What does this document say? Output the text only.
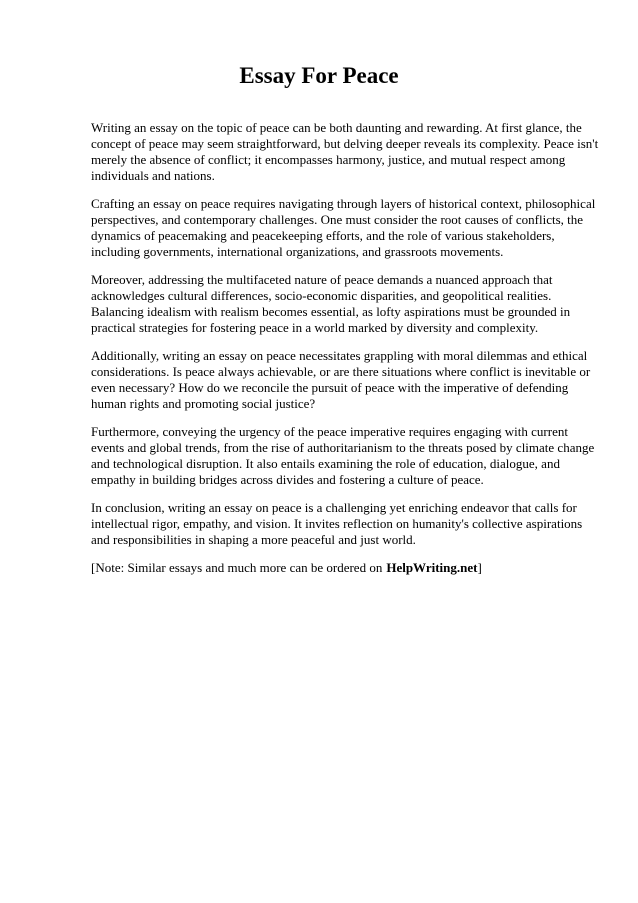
Essay For Peace

Writing an essay on the topic of peace can be both daunting and rewarding. At first glance, the concept of peace may seem straightforward, but delving deeper reveals its complexity. Peace isn't merely the absence of conflict; it encompasses harmony, justice, and mutual respect among individuals and nations.

Crafting an essay on peace requires navigating through layers of historical context, philosophical perspectives, and contemporary challenges. One must consider the root causes of conflicts, the dynamics of peacemaking and peacekeeping efforts, and the role of various stakeholders, including governments, international organizations, and grassroots movements.

Moreover, addressing the multifaceted nature of peace demands a nuanced approach that acknowledges cultural differences, socio-economic disparities, and geopolitical realities. Balancing idealism with realism becomes essential, as lofty aspirations must be grounded in practical strategies for fostering peace in a world marked by diversity and complexity.

Additionally, writing an essay on peace necessitates grappling with moral dilemmas and ethical considerations. Is peace always achievable, or are there situations where conflict is inevitable or even necessary? How do we reconcile the pursuit of peace with the imperative of defending human rights and promoting social justice?

Furthermore, conveying the urgency of the peace imperative requires engaging with current events and global trends, from the rise of authoritarianism to the threats posed by climate change and technological disruption. It also entails examining the role of education, dialogue, and empathy in building bridges across divides and fostering a culture of peace.

In conclusion, writing an essay on peace is a challenging yet enriching endeavor that calls for intellectual rigor, empathy, and vision. It invites reflection on humanity's collective aspirations and responsibilities in shaping a more peaceful and just world.

[Note: Similar essays and much more can be ordered on HelpWriting.net]
